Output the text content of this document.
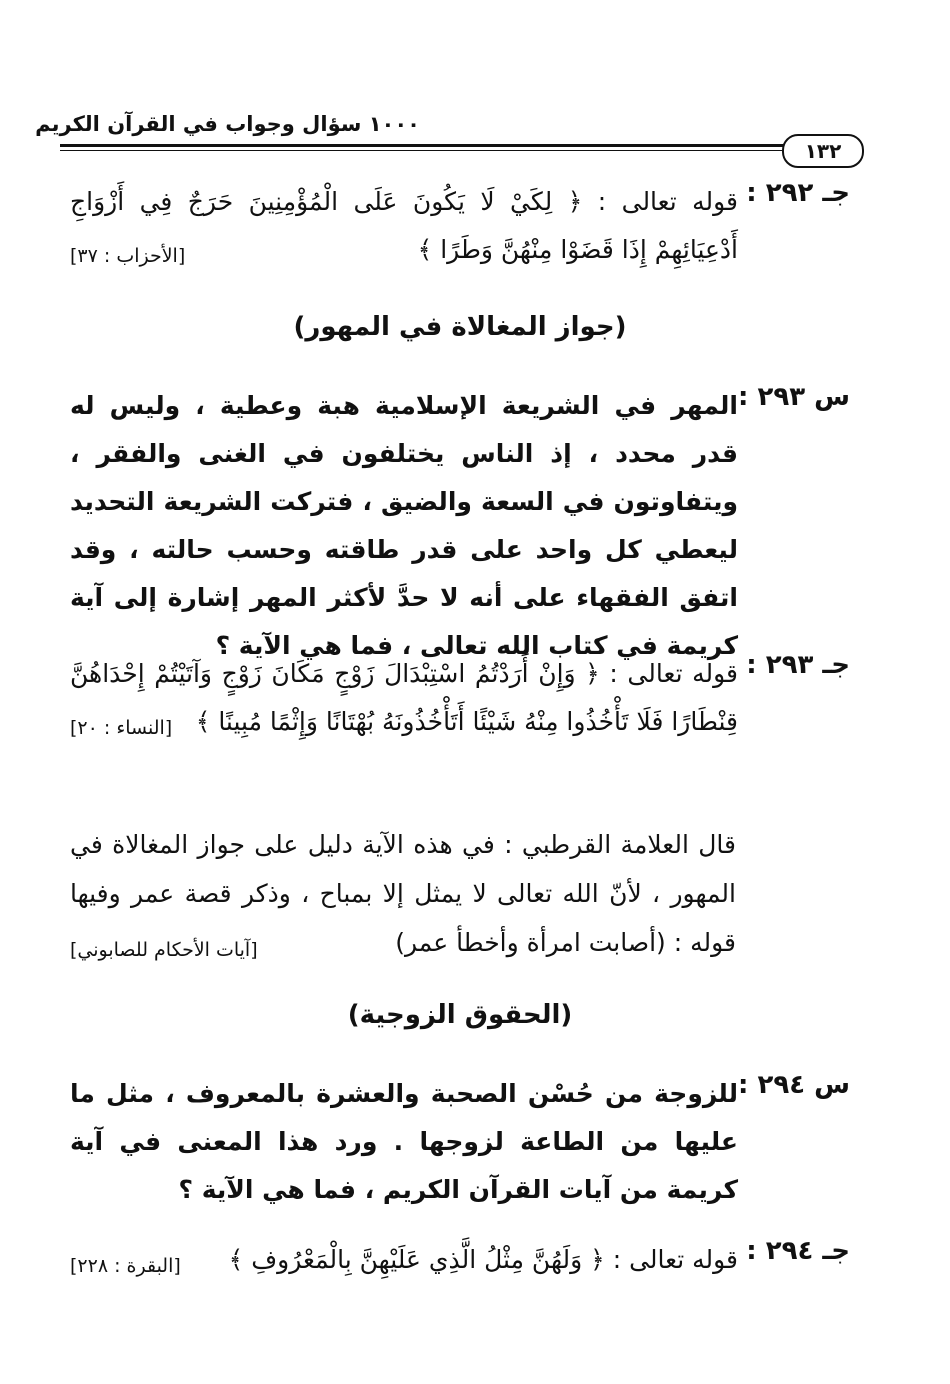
١٠٠٠ سؤال وجواب في القرآن الكريم
١٣٢
جـ ٢٩٢ :
قوله تعالى : ﴿ لِكَيْ لَا يَكُونَ عَلَى الْمُؤْمِنِينَ حَرَجٌ فِي أَزْوَاجِ أَدْعِيَائِهِمْ إِذَا قَضَوْا مِنْهُنَّ وَطَرًا ﴾
[الأحزاب : ٣٧]
(جواز المغالاة في المهور)
س ٢٩٣ :
المهر في الشريعة الإسلامية هبة وعطية ، وليس له قدر محدد ، إذ الناس يختلفون في الغنى والفقر ، ويتفاوتون في السعة والضيق ، فتركت الشريعة التحديد ليعطي كل واحد على قدر طاقته وحسب حالته ، وقد اتفق الفقهاء على أنه لا حدَّ لأكثر المهر إشارة إلى آية كريمة في كتاب الله تعالى ، فما هي الآية ؟
جـ ٢٩٣ :
قوله تعالى : ﴿ وَإِنْ أَرَدْتُمُ اسْتِبْدَالَ زَوْجٍ مَكَانَ زَوْجٍ وَآتَيْتُمْ إِحْدَاهُنَّ قِنْطَارًا فَلَا تَأْخُذُوا مِنْهُ شَيْئًا أَتَأْخُذُونَهُ بُهْتَانًا وَإِثْمًا مُبِينًا ﴾
[النساء : ٢٠]
قال العلامة القرطبي : في هذه الآية دليل على جواز المغالاة في المهور ، لأنّ الله تعالى لا يمثل إلا بمباح ، وذكر قصة عمر وفيها قوله : (أصابت امرأة وأخطأ عمر)
[آيات الأحكام للصابوني]
(الحقوق الزوجية)
س ٢٩٤ :
للزوجة من حُسْن الصحبة والعشرة بالمعروف ، مثل ما عليها من الطاعة لزوجها . ورد هذا المعنى في آية كريمة من آيات القرآن الكريم ، فما هي الآية ؟
جـ ٢٩٤ :
قوله تعالى : ﴿ وَلَهُنَّ مِثْلُ الَّذِي عَلَيْهِنَّ بِالْمَعْرُوفِ ﴾
[البقرة : ٢٢٨]
